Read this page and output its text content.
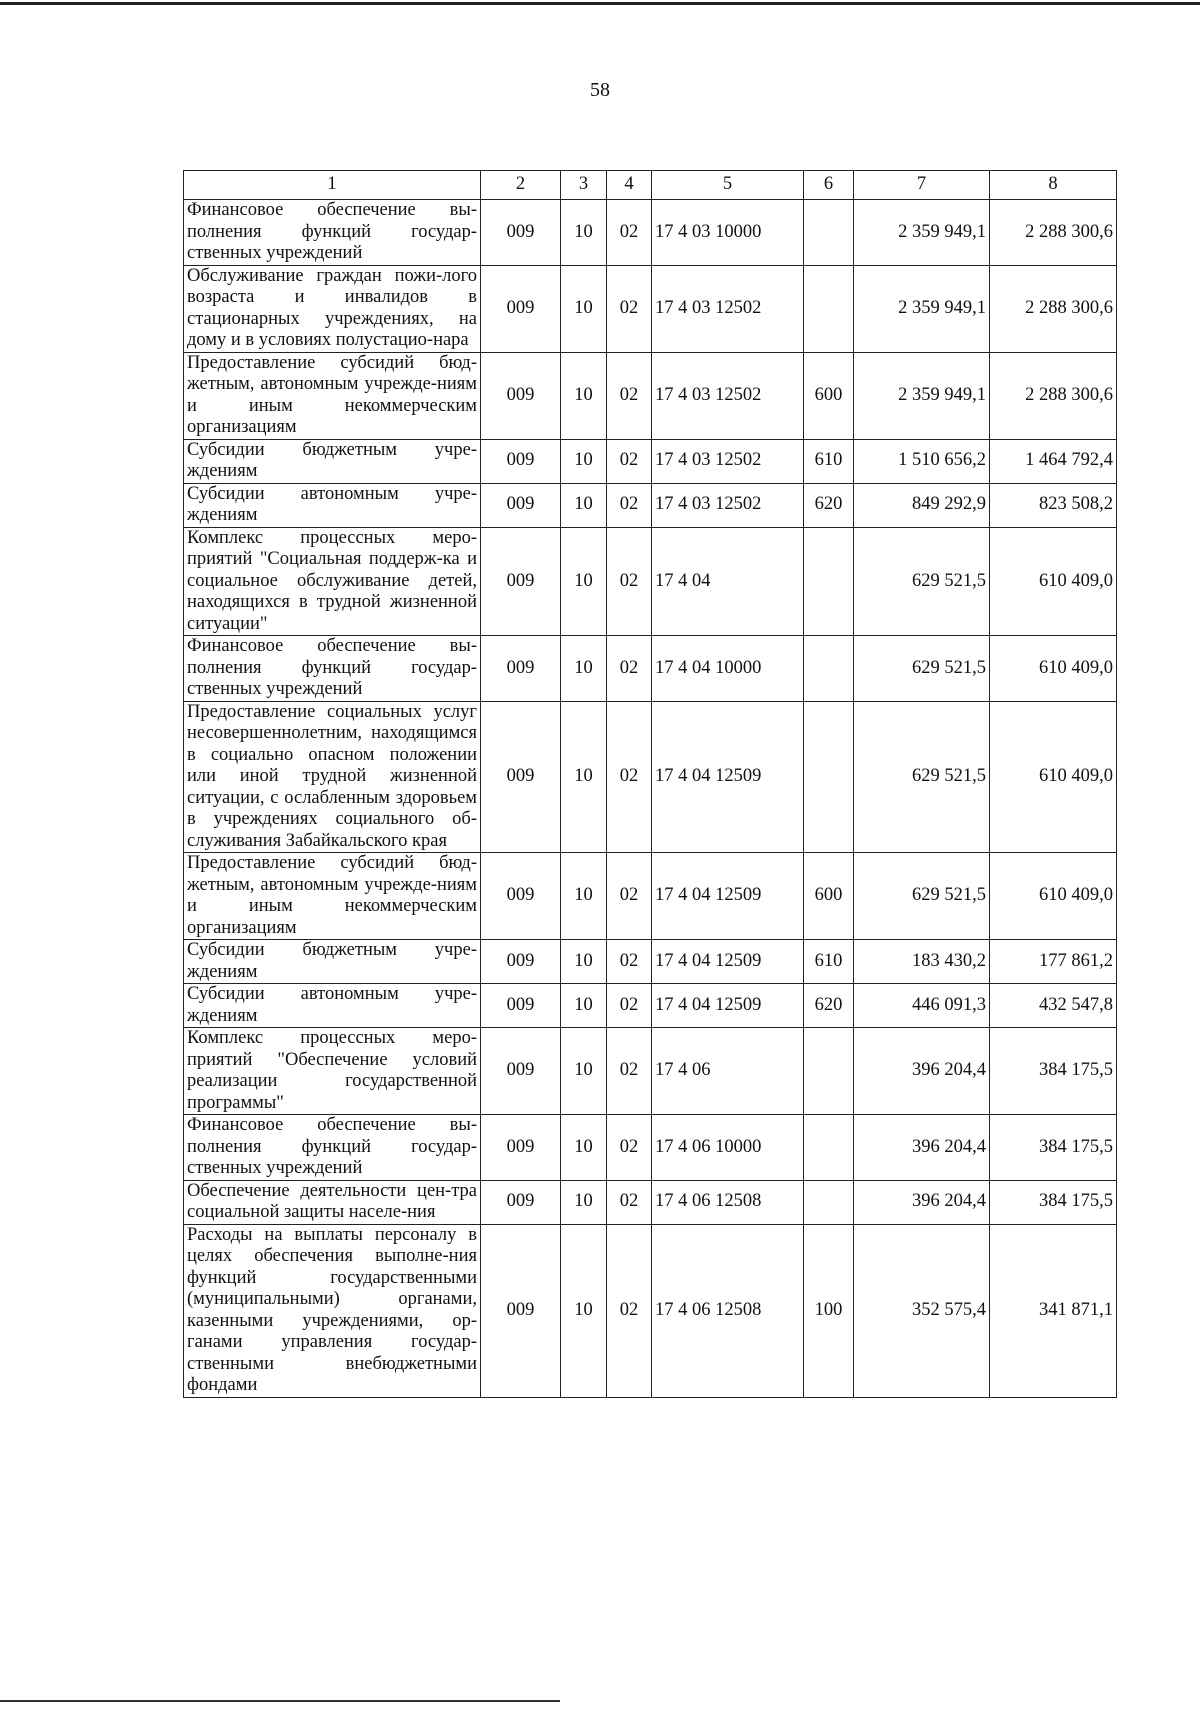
58
1	2	3	4	5	6	7	8
Финансовое обеспечение вы-полнения функций государ-ственных учреждений	009	10	02	17 4 03 10000		2 359 949,1	2 288 300,6
Обслуживание граждан пожи-лого возраста и инвалидов в стационарных учреждениях, на дому и в условиях полустацио-нара	009	10	02	17 4 03 12502		2 359 949,1	2 288 300,6
Предоставление субсидий бюд-жетным, автономным учрежде-ниям и иным некоммерческим организациям	009	10	02	17 4 03 12502	600	2 359 949,1	2 288 300,6
Субсидии бюджетным учре-ждениям	009	10	02	17 4 03 12502	610	1 510 656,2	1 464 792,4
Субсидии автономным учре-ждениям	009	10	02	17 4 03 12502	620	849 292,9	823 508,2
Комплекс процессных меро-приятий "Социальная поддерж-ка и социальное обслуживание детей, находящихся в трудной жизненной ситуации"	009	10	02	17 4 04		629 521,5	610 409,0
Финансовое обеспечение вы-полнения функций государ-ственных учреждений	009	10	02	17 4 04 10000		629 521,5	610 409,0
Предоставление социальных услуг несовершеннолетним, находящимся в социально опасном положении или иной трудной жизненной ситуации, с ослабленным здоровьем в учреждениях социального об-служивания Забайкальского края	009	10	02	17 4 04 12509		629 521,5	610 409,0
Предоставление субсидий бюд-жетным, автономным учрежде-ниям и иным некоммерческим организациям	009	10	02	17 4 04 12509	600	629 521,5	610 409,0
Субсидии бюджетным учре-ждениям	009	10	02	17 4 04 12509	610	183 430,2	177 861,2
Субсидии автономным учре-ждениям	009	10	02	17 4 04 12509	620	446 091,3	432 547,8
Комплекс процессных меро-приятий "Обеспечение условий реализации государственной программы"	009	10	02	17 4 06		396 204,4	384 175,5
Финансовое обеспечение вы-полнения функций государ-ственных учреждений	009	10	02	17 4 06 10000		396 204,4	384 175,5
Обеспечение деятельности цен-тра социальной защиты населе-ния	009	10	02	17 4 06 12508		396 204,4	384 175,5
Расходы на выплаты персоналу в целях обеспечения выполне-ния функций государственными (муниципальными) органами, казенными учреждениями, ор-ганами управления государ-ственными внебюджетными фондами	009	10	02	17 4 06 12508	100	352 575,4	341 871,1
